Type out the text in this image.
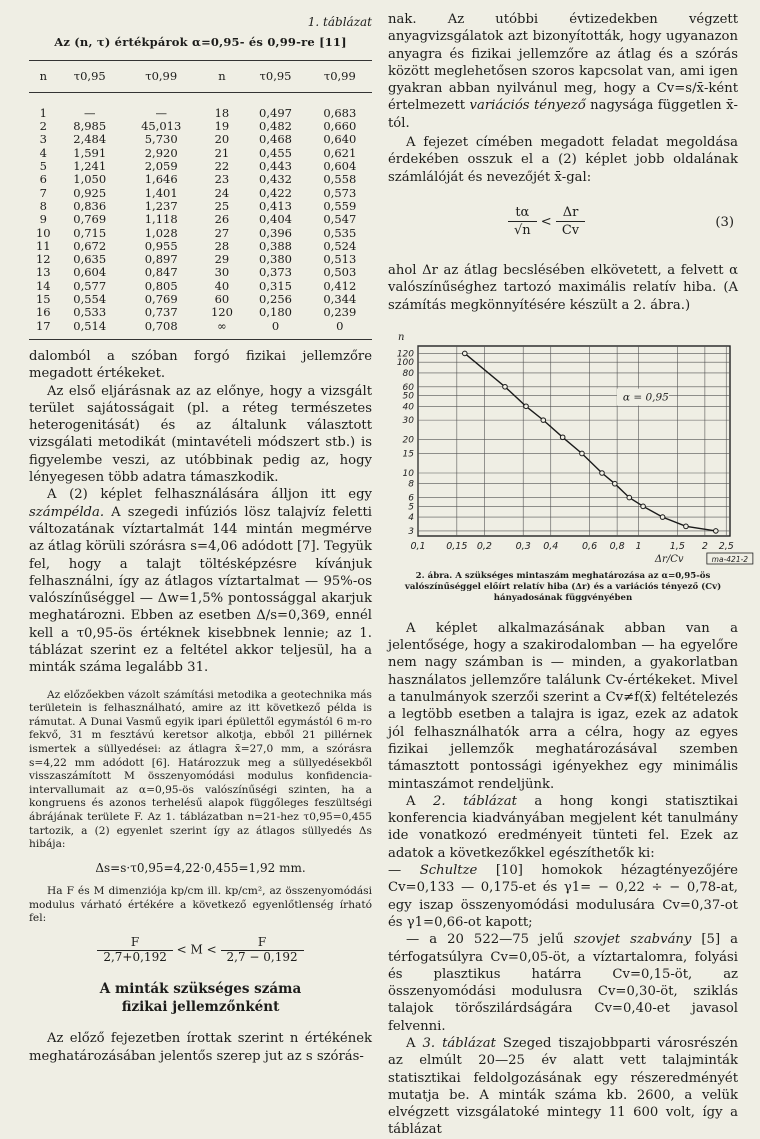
1. táblázat
Az (n, τ) értékpárok α=0,95- és 0,99-re [11]
n	τ0,95	τ0,99	n	τ0,95	τ0,99
1	—	—	18	0,497	0,683
2	8,985	45,013	19	0,482	0,660
3	2,484	5,730	20	0,468	0,640
4	1,591	2,920	21	0,455	0,621
5	1,241	2,059	22	0,443	0,604
6	1,050	1,646	23	0,432	0,558
7	0,925	1,401	24	0,422	0,573
8	0,836	1,237	25	0,413	0,559
9	0,769	1,118	26	0,404	0,547
10	0,715	1,028	27	0,396	0,535
11	0,672	0,955	28	0,388	0,524
12	0,635	0,897	29	0,380	0,513
13	0,604	0,847	30	0,373	0,503
14	0,577	0,805	40	0,315	0,412
15	0,554	0,769	60	0,256	0,344
16	0,533	0,737	120	0,180	0,239
17	0,514	0,708	∞	0	0

dalomból a szóban forgó fizikai jellemzőre megadott értékeket.

Az első eljárásnak az az előnye, hogy a vizsgált terület sajátosságait (pl. a réteg természetes heterogenitását) és az általunk választott vizsgálati metodikát (mintavételi módszert stb.) is figyelembe veszi, az utóbbinak pedig az, hogy lényegesen több adatra támaszkodik.

A (2) képlet felhasználására álljon itt egy számpélda. A szegedi infúziós lösz talajvíz feletti változatának víztartalmát 144 mintán megmérve az átlag körüli szórásra s=4,06 adódott [7]. Tegyük fel, hogy a talajt töltésképzésre kívánjuk felhasználni, így az átlagos víztartalmat — 95%-os valószínűséggel — Δw=1,5% pontossággal akarjuk meghatározni. Ebben az esetben Δ/s=0,369, ennél kell a τ0,95-ös értéknek kisebbnek lennie; az 1. táblázat szerint ez a feltétel akkor teljesül, ha a minták száma legalább 31.

Az előzőekben vázolt számítási metodika a geotechnika más területein is felhasználható, amire az itt következő példa is rámutat. A Dunai Vasmű egyik ipari épülettől egymástól 6 m-ro fekvő, 31 m fesztávú keretsor alkotja, ebből 21 pillérnek ismertek a süllyedései: az átlagra x̄=27,0 mm, a szórásra s=4,22 mm adódott [6]. Határozzuk meg a süllyedésekből visszaszámított M összenyomódási modulus konfidencia-intervallumait az α=0,95-ös valószínűségi szinten, ha a kongruens és azonos terhelésű alapok függőleges feszültségi ábrájának területe F. Az 1. táblázatban n=21-hez τ0,95=0,455 tartozik, a (2) egyenlet szerint így az átlagos süllyedés Δs hibája:

Δs=s·τ0,95=4,22·0,455=1,92 mm.

Ha F és M dimenziója kp/cm ill. kp/cm², az összenyomódási modulus várható értékére a következő egyenlőtlenség írható fel:

$\frac{F}{2,7+0,192} < M < \frac{F}{2,7 - 0,192}$
A minták szükséges száma
fizikai jellemzőnként

Az előző fejezetben írottak szerint n értékének meghatározásában jelentős szerep jut az s szórás-

nak. Az utóbbi évtizedekben végzett anyagvizsgálatok azt bizonyították, hogy ugyanazon anyagra és fizikai jellemzőre az átlag és a szórás között meglehetősen szoros kapcsolat van, ami igen gyakran abban nyilvánul meg, hogy a Cv=s/x̄-ként értelmezett variációs tényező nagysága független x̄-tól.

A fejezet címében megadott feladat megoldása érdekében osszuk el a (2) képlet jobb oldalának számlálóját és nevezőjét x̄-gal:

$\frac{t\alpha}{√n} < \frac{\Delta r}{Cv}$	(3)

ahol Δr az átlag becslésében elkövetett, a felvett α valószínűséghez tartozó maximális relatív hiba. (A számítás megkönnyítésére készült a 2. ábra.)

0,1 0,15 0,2 0,3 0,4 0,6 0,8 1	1,5 2 2,5
3
4
5
6
8
10
15
20
30
40
50
60
80
100
120
n
Δr/Cv	ma-421-2
α = 0,95
2. ábra. A szükséges mintaszám meghatározása az α=0,95-ös valószínűséggel előírt relatív hiba (Δr) és a variációs tényező (Cv) hányadosának függvényében

A képlet alkalmazásának abban van a jelentősége, hogy a szakirodalomban — ha egyelőre nem nagy számban is — minden, a gyakorlatban használatos jellemzőre találunk Cv-értékeket. Mivel a tanulmányok szerzői szerint a Cv≠f(x̄) feltételezés a legtöbb esetben a talajra is igaz, ezek az adatok jól felhasználhatók arra a célra, hogy az egyes fizikai jellemzők meghatározásával szemben támasztott pontossági igényekhez egy minimális mintaszámot rendeljünk.

A 2. táblázat a hong kongi statisztikai konferencia kiadványában megjelent két tanulmány ide vonatkozó eredményeit tünteti fel. Ezek az adatok a következőkkel egészíthetők ki:

— Schultze [10] homokok hézagtényezőjére Cv=0,133 — 0,175-et és γ1= − 0,22 ÷ − 0,78-at, egy iszap összenyomódási modulusára Cv=0,37-ot és γ1=0,66-ot kapott;

— a 20 522—75 jelű szovjet szabvány [5] a térfogatsúlyra Cv=0,05-öt, a víztartalomra, folyási és plasztikus határra Cv=0,15-öt, az összenyomódási modulusra Cv=0,30-öt, sziklás talajok törőszilárdságára Cv=0,40-et javasol felvenni.

A 3. táblázat Szeged tiszajobbparti városrészén az elmúlt 20—25 év alatt vett talajminták statisztikai feldolgozásának egy részeredményét mutatja be. A minták száma kb. 2600, a velük elvégzett vizsgálatoké mintegy 11 600 volt, így a táblázat
